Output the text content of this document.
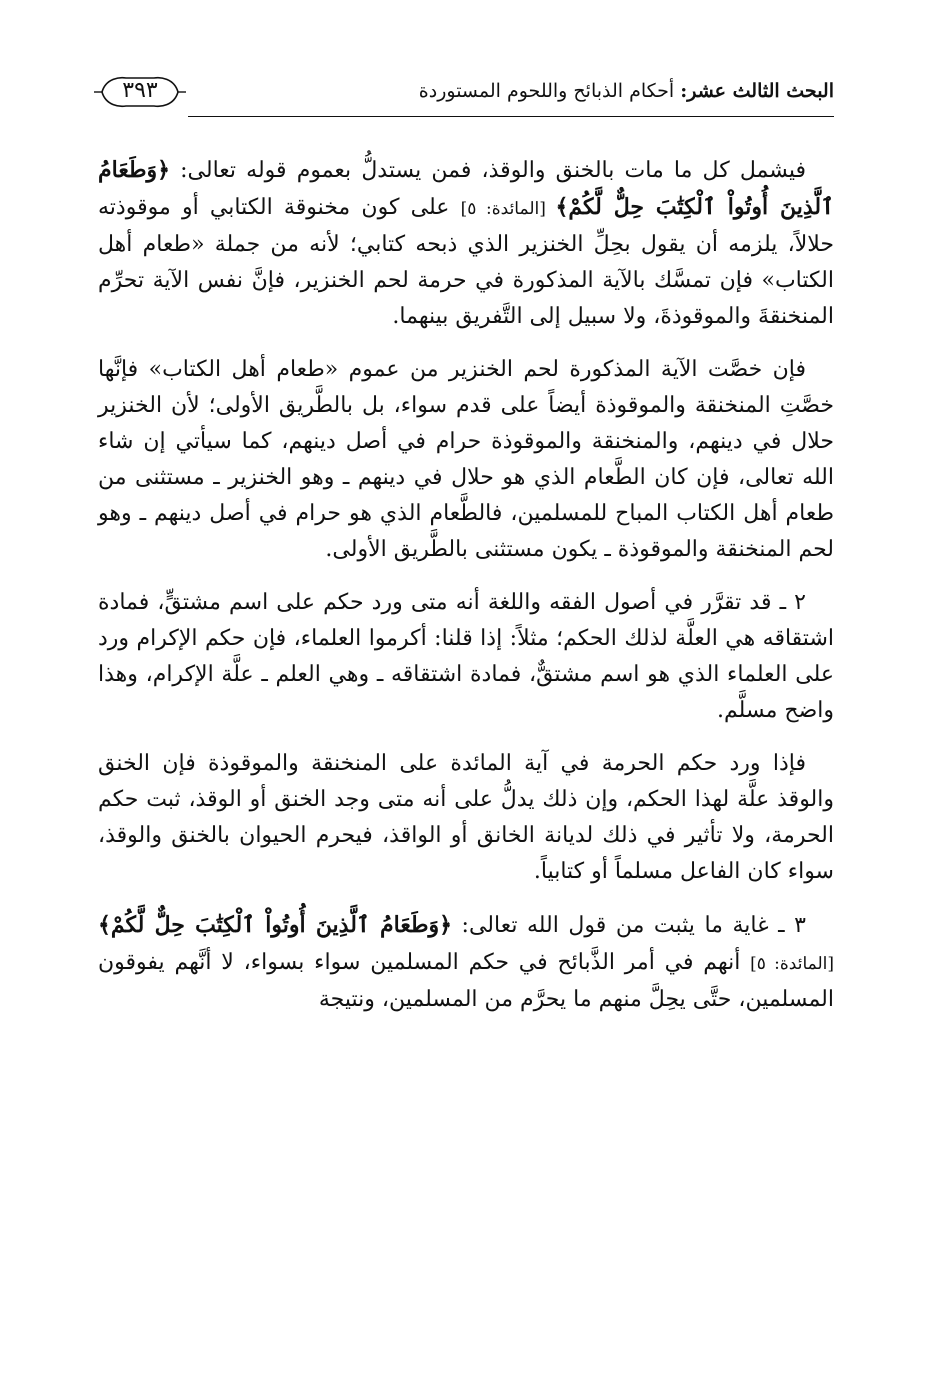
البحث الثالث عشر: أحكام الذبائح واللحوم المستوردة
٣٩٣

فيشمل كل ما مات بالخنق والوقذ، فمن يستدلُّ بعموم قوله تعالى: ﴿وَطَعَامُ ٱلَّذِينَ أُوتُواْ ٱلْكِتَٰبَ حِلٌّ لَّكُمْ﴾ [المائدة: ٥] على كون مخنوقة الكتابي أو موقوذته حلالاً، يلزمه أن يقول بحِلِّ الخنزير الذي ذبحه كتابي؛ لأنه من جملة «طعام أهل الكتاب» فإن تمسَّك بالآية المذكورة في حرمة لحم الخنزير، فإنَّ نفس الآية تحرِّم المنخنقةَ والموقوذةَ، ولا سبيل إلى التَّفريق بينهما.

فإن خصَّت الآية المذكورة لحم الخنزير من عموم «طعام أهل الكتاب» فإنَّها خصَّتِ المنخنقة والموقوذة أيضاً على قدم سواء، بل بالطَّريق الأولى؛ لأن الخنزير حلال في دينهم، والمنخنقة والموقوذة حرام في أصل دينهم، كما سيأتي إن شاء الله تعالى، فإن كان الطَّعام الذي هو حلال في دينهم ـ وهو الخنزير ـ مستثنى من طعام أهل الكتاب المباح للمسلمين، فالطَّعام الذي هو حرام في أصل دينهم ـ وهو لحم المنخنقة والموقوذة ـ يكون مستثنى بالطَّريق الأولى.

٢ ـ قد تقرَّر في أصول الفقه واللغة أنه متى ورد حكم على اسم مشتقٍّ، فمادة اشتقاقه هي العلَّة لذلك الحكم؛ مثلاً: إذا قلنا: أكرموا العلماء، فإن حكم الإكرام ورد على العلماء الذي هو اسم مشتقٌّ، فمادة اشتقاقه ـ وهي العلم ـ علَّة الإكرام، وهذا واضح مسلَّم.

فإذا ورد حكم الحرمة في آية المائدة على المنخنقة والموقوذة فإن الخنق والوقذ علَّة لهذا الحكم، وإن ذلك يدلُّ على أنه متى وجد الخنق أو الوقذ، ثبت حكم الحرمة، ولا تأثير في ذلك لديانة الخانق أو الواقذ، فيحرم الحيوان بالخنق والوقذ، سواء كان الفاعل مسلماً أو كتابياً.

٣ ـ غاية ما يثبت من قول الله تعالى: ﴿وَطَعَامُ ٱلَّذِينَ أُوتُواْ ٱلْكِتَٰبَ حِلٌّ لَّكُمْ﴾ [المائدة: ٥] أنهم في أمر الذَّبائح في حكم المسلمين سواء بسواء، لا أنَّهم يفوقون المسلمين، حتَّى يحِلَّ منهم ما يحرَّم من المسلمين، ونتيجة
